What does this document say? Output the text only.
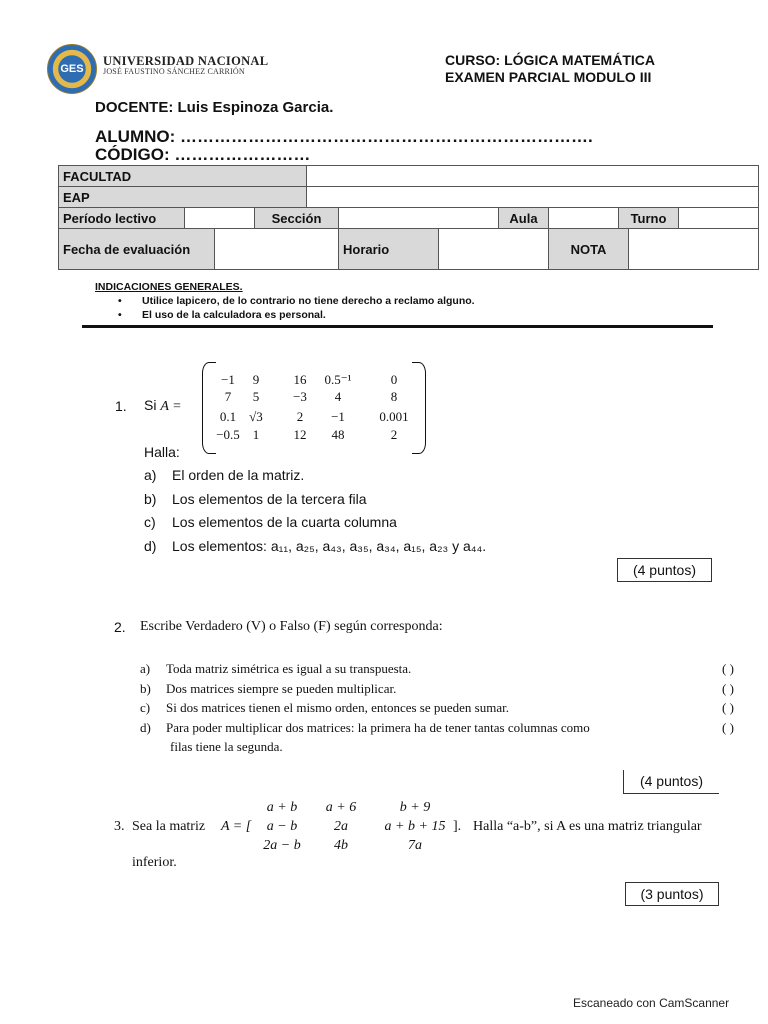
GES
UNIVERSIDAD NACIONAL
JOSÉ FAUSTINO SÁNCHEZ CARRIÓN
CURSO: LÓGICA MATEMÁTICA
EXAMEN PARCIAL MODULO III
DOCENTE: Luis Espinoza Garcia.
ALUMNO: ……………………………………………………………….
CÓDIGO: ……………………
FACULTAD											
EAP											
Período lectivo			Sección				Aula		Turno		
Fecha de evaluación					Horario			NOTA			
INDICACIONES GENERALES.
• Utilice lapicero, de lo contrario no tiene derecho a reclamo alguno.
• El uso de la calculadora es personal.
1. Si A =
−1	9	16	0.5⁻¹	0
7	5	−3	4	8
0.1	√3	2	−1	0.001
−0.5 1	12	48	2
Halla:
a) El orden de la matriz.
b) Los elementos de la tercera fila
c) Los elementos de la cuarta columna
d) Los elementos: a₁₁, a₂₅, a₄₃, a₃₅, a₃₄, a₁₅, a₂₃ y a₄₄.
(4 puntos)
2. Escribe Verdadero (V) o Falso (F) según corresponda:
a) Toda matriz simétrica es igual a su transpuesta.	( )
b) Dos matrices siempre se pueden multiplicar.	( )
c) Si dos matrices tienen el mismo orden, entonces se pueden sumar.	( )
d) Para poder multiplicar dos matrices: la primera ha de tener tantas columnas como	( )
filas tiene la segunda.
(4 puntos)
3. Sea la matriz A = [
a + b	a + 6	b + 9
a − b	2a	a + b + 15
2a − b	4b	7a
]. Halla “a-b”, si A es una matriz triangular
inferior.
(3 puntos)
Escaneado con CamScanner
